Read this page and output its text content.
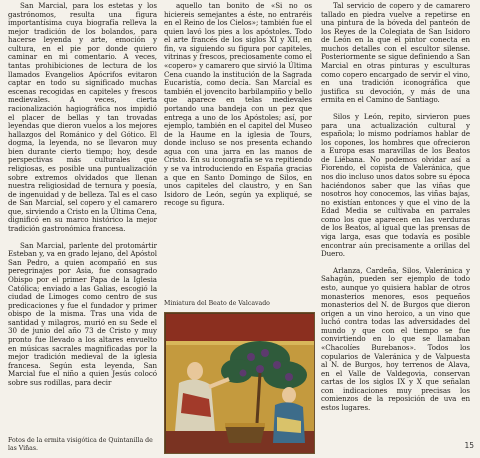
San Marcial, para los estetas y los gastrónomos, resulta una figura importantísima cuya biografía relleva la mejor tradición de los bolandos, para hacerse leyenda y arte, emoción y cultura, en el pie por donde quiero caminar en mi comentario. A veces, tantas prohibiciones de lectura de los llamados Evangelios Apócrifos evitaron captar en todo su significado muchas escenas recogidas en capiteles y frescos medievales. A veces, cierta racionalización hagiográfica nos impidió el placer de bellas y tan trovadas leyendas que dieron vuelos a los mejores hallazgos del Románico y del Gótico. El dogma, la leyenda, no se llevaron muy bien durante cierto tiempo; hoy, desde perspectivas más culturales que religiosas, es posible una puntualización sobre extremos olvidados que llenan nuestra religiosidad de ternura y poesía, de ingenuidad y de belleza. Tal es el caso de San Marcial, sel copero y el camarero que, sirviendo a Cristo en la Última Cena, dignificó en su marco histórico la mejor tradición gastronómica francesa.

San Marcial, parlente del protomártir Esteban y, va en grado lejano, del Apóstol San Pedro, a quien acompañó en sus peregrinajes por Asia, fue consagrado Obispo por el primer Papa de la Iglesia Católica; enviado a las Galias, escogió la ciudad de Limoges como centro de sus predicaciones y fue el fundador y primer obispo de la misma. Tras una vida de santidad y milagros, murió en su Sede el 30 de junio del año 73 de Cristo y muy pronto fue llevado a los altares envuelto en músicas sacrales magnificadas por la mejor tradición medieval de la iglesia francesa. Según esta leyenda, San Marcial fue el niño a quien Jesús colocó sobre sus rodillas, para decir

aquello tan bonito de «Si no os hiciereis semejantes a éste, no entraréis en el Reino de los Cielos»; también fue el quien lavó los pies a los apóstoles. Todo el arte francés de los siglos XI y XII, en fin, va siguiendo su figura por capiteles, vitrinas y frescos, preciosamente como el «copero» y camarero que sirvió la Última Cena cuando la institución de la Sagrada Eucaristía, como decía. San Marcial es también el jovencito barbilampiño y bello que aparece en telas medievales portando una bandeja con un pez que entrega a uno de los Apóstoles; así, por ejemplo, también en el capitel del Museo de la Haume en la iglesia de Tours, donde incluso se nos presenta echando agua con una jarra en las manos de Cristo. En su iconografía se va repitiendo y se va introduciendo en España gracias a que en Santo Domingo de Silos, en unos capiteles del claustro, y en San Isidoro de León, según ya expliqué, se recoge su figura.

Tal servicio de copero y de camarero tallado en piedra vuelve a repetirse en una pintura de la bóveda del panteón de los Reyes de la Colegiata de San Isidoro de León en la que el pintor conecta en muchos detalles con el escultor silense. Posteriormente se sigue definiendo a San Marcial en otras pinturas y esculturas como copero encargado de servir el vino, en una tradición iconográfica que justifica su devoción, y más de una ermita en el Camino de Santiago.

Silos y León, repito, sirvieron pues para una actualización cultural y española; lo mismo podríamos hablar de los copones, los hombres que ofrecieron a Europa esas maravillas de los Beatos de Liébana. No podemos olvidar así a Fiorendo, el copista de Valeránica, que nos dio incluso unos datos sobre su época haciéndonos saber que las viñas que nosotros hoy conocemos, las viñas bajas, no existían entonces y que el vino de la Edad Media se cultivaba en parrales como los que aparecen en las verduras de los Beatos, al igual que las prensas de viga larga, esas que todavía es posible encontrar aún precisamente a orillas del Duero.

Arlanza, Cardeña, Silos, Valeránica y Sahagún, pueden ser ejemplo de todo esto, aunque yo quisiera hablar de otros monasterios menores, esos pequeños monasterios del N. de Burgos que dieron origen a un vino heroico, a un vino que luchó contra todas las adversidades del mundo y que con el tiempo se fue convirtiendo en lo que se llamaban «Chacolíes Burebanos». Todos los copularios de Valeránica y de Valpuesta al N. de Burgos, hoy terrenos de Alava, en el Valle de Valdegovia, conservan cartas de los siglos IX y X que señalan con indicaciones muy precisas los comienzos de la reposición de uva en estos lugares.

Miniatura del Beato de Valcavado
Fotos de la ermita visigótica de Quintanilla de las Viñas.	15
